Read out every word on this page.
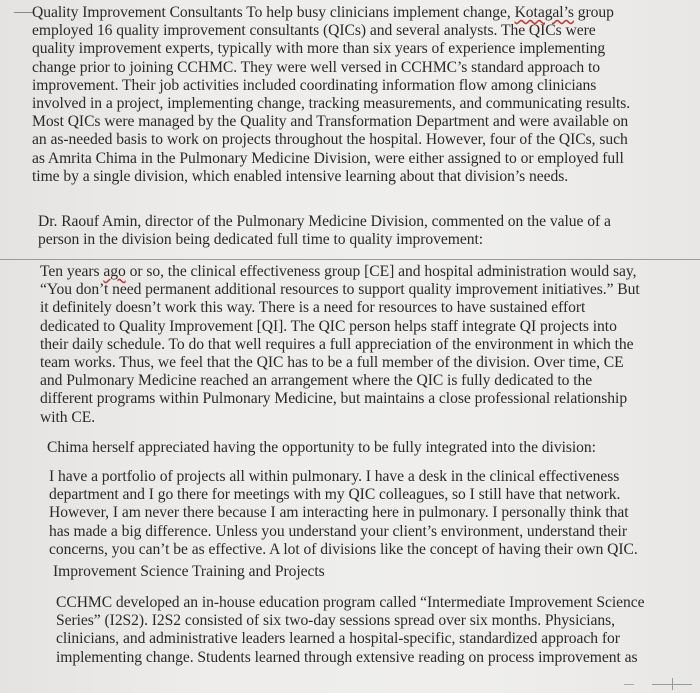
Quality Improvement Consultants To help busy clinicians implement change, Kotagal’s group
employed 16 quality improvement consultants (QICs) and several analysts. The QICs were
quality improvement experts, typically with more than six years of experience implementing
change prior to joining CCHMC. They were well versed in CCHMC’s standard approach to
improvement. Their job activities included coordinating information flow among clinicians
involved in a project, implementing change, tracking measurements, and communicating results.
Most QICs were managed by the Quality and Transformation Department and were available on
an as-needed basis to work on projects throughout the hospital. However, four of the QICs, such
as Amrita Chima in the Pulmonary Medicine Division, were either assigned to or employed full
time by a single division, which enabled intensive learning about that division’s needs.

Dr. Raouf Amin, director of the Pulmonary Medicine Division, commented on the value of a
person in the division being dedicated full time to quality improvement:

Ten years ago or so, the clinical effectiveness group [CE] and hospital administration would say,
“You don’t need permanent additional resources to support quality improvement initiatives.” But
it definitely doesn’t work this way. There is a need for resources to have sustained effort
dedicated to Quality Improvement [QI]. The QIC person helps staff integrate QI projects into
their daily schedule. To do that well requires a full appreciation of the environment in which the
team works. Thus, we feel that the QIC has to be a full member of the division. Over time, CE
and Pulmonary Medicine reached an arrangement where the QIC is fully dedicated to the
different programs within Pulmonary Medicine, but maintains a close professional relationship
with CE.

Chima herself appreciated having the opportunity to be fully integrated into the division:

I have a portfolio of projects all within pulmonary. I have a desk in the clinical effectiveness
department and I go there for meetings with my QIC colleagues, so I still have that network.
However, I am never there because I am interacting here in pulmonary. I personally think that
has made a big difference. Unless you understand your client’s environment, understand their
concerns, you can’t be as effective. A lot of divisions like the concept of having their own QIC.

Improvement Science Training and Projects

CCHMC developed an in-house education program called “Intermediate Improvement Science
Series” (I2S2). I2S2 consisted of six two-day sessions spread over six months. Physicians,
clinicians, and administrative leaders learned a hospital-specific, standardized approach for
implementing change. Students learned through extensive reading on process improvement as
